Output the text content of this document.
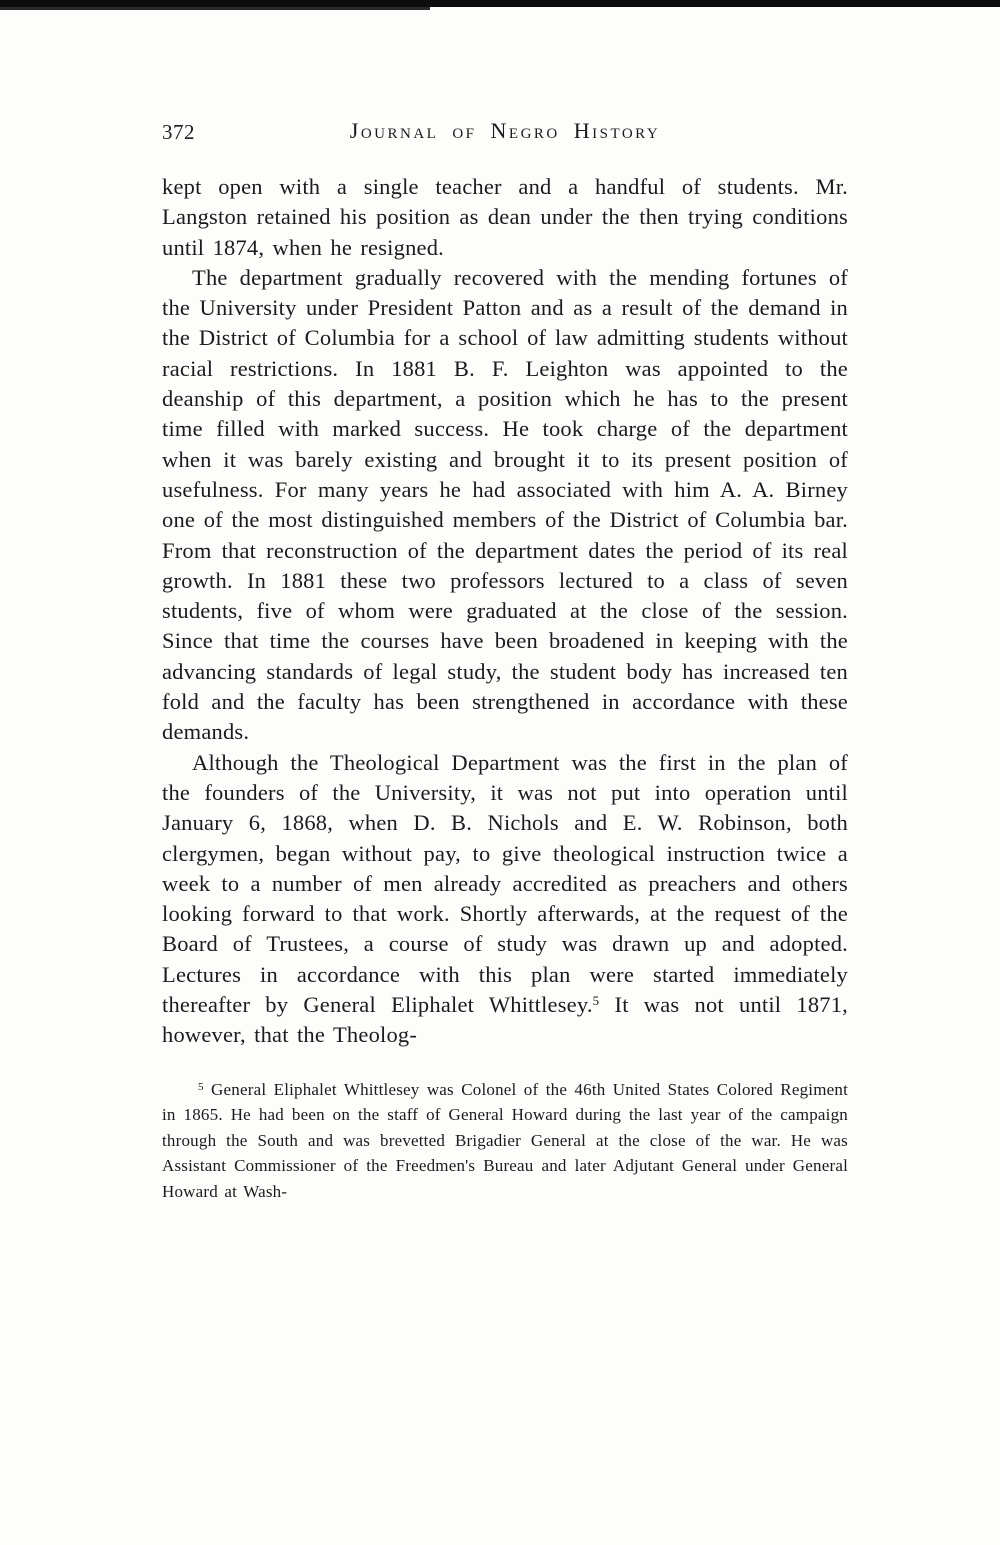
372	Journal of Negro History

kept open with a single teacher and a handful of students. Mr. Langston retained his position as dean under the then trying conditions until 1874, when he resigned.

The department gradually recovered with the mending fortunes of the University under President Patton and as a result of the demand in the District of Columbia for a school of law admitting students without racial restrictions. In 1881 B. F. Leighton was appointed to the deanship of this department, a position which he has to the present time filled with marked success. He took charge of the department when it was barely existing and brought it to its present position of usefulness. For many years he had associated with him A. A. Birney one of the most distinguished members of the District of Columbia bar. From that reconstruction of the department dates the period of its real growth. In 1881 these two professors lectured to a class of seven students, five of whom were graduated at the close of the session. Since that time the courses have been broadened in keeping with the advancing standards of legal study, the student body has increased ten fold and the faculty has been strengthened in accordance with these demands.

Although the Theological Department was the first in the plan of the founders of the University, it was not put into operation until January 6, 1868, when D. B. Nichols and E. W. Robinson, both clergymen, began without pay, to give theological instruction twice a week to a number of men already accredited as preachers and others looking forward to that work. Shortly afterwards, at the request of the Board of Trustees, a course of study was drawn up and adopted. Lectures in accordance with this plan were started immediately thereafter by General Eliphalet Whittlesey.$^5$ It was not until 1871, however, that the Theolog-

$^5$ General Eliphalet Whittlesey was Colonel of the 46th United States Colored Regiment in 1865. He had been on the staff of General Howard during the last year of the campaign through the South and was brevetted Brigadier General at the close of the war. He was Assistant Commissioner of the Freedmen's Bureau and later Adjutant General under General Howard at Wash-
